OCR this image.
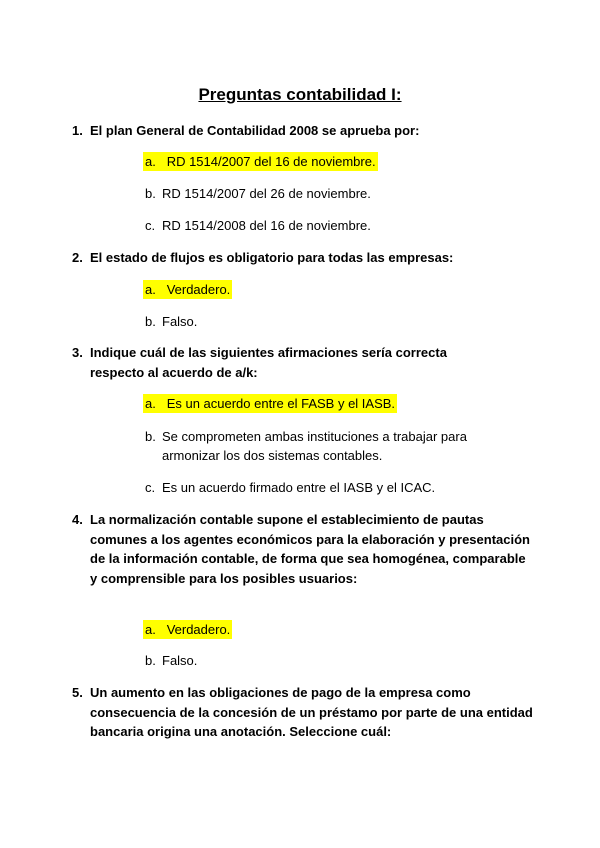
Preguntas contabilidad I:
1. El plan General de Contabilidad 2008 se aprueba por:
a. RD 1514/2007 del 16 de noviembre.
b. RD 1514/2007 del 26 de noviembre.
c. RD 1514/2008 del 16 de noviembre.
2. El estado de flujos es obligatorio para todas las empresas:
a. Verdadero.
b. Falso.
3. Indique cuál de las siguientes afirmaciones sería correcta respecto al acuerdo de a/k:
a. Es un acuerdo entre el FASB y el IASB.
b. Se comprometen ambas instituciones a trabajar para armonizar los dos sistemas contables.
c. Es un acuerdo firmado entre el IASB y el ICAC.
4. La normalización contable supone el establecimiento de pautas comunes a los agentes económicos para la elaboración y presentación de la información contable, de forma que sea homogénea, comparable y comprensible para los posibles usuarios:
a. Verdadero.
b. Falso.
5. Un aumento en las obligaciones de pago de la empresa como consecuencia de la concesión de un préstamo por parte de una entidad bancaria origina una anotación. Seleccione cuál:
